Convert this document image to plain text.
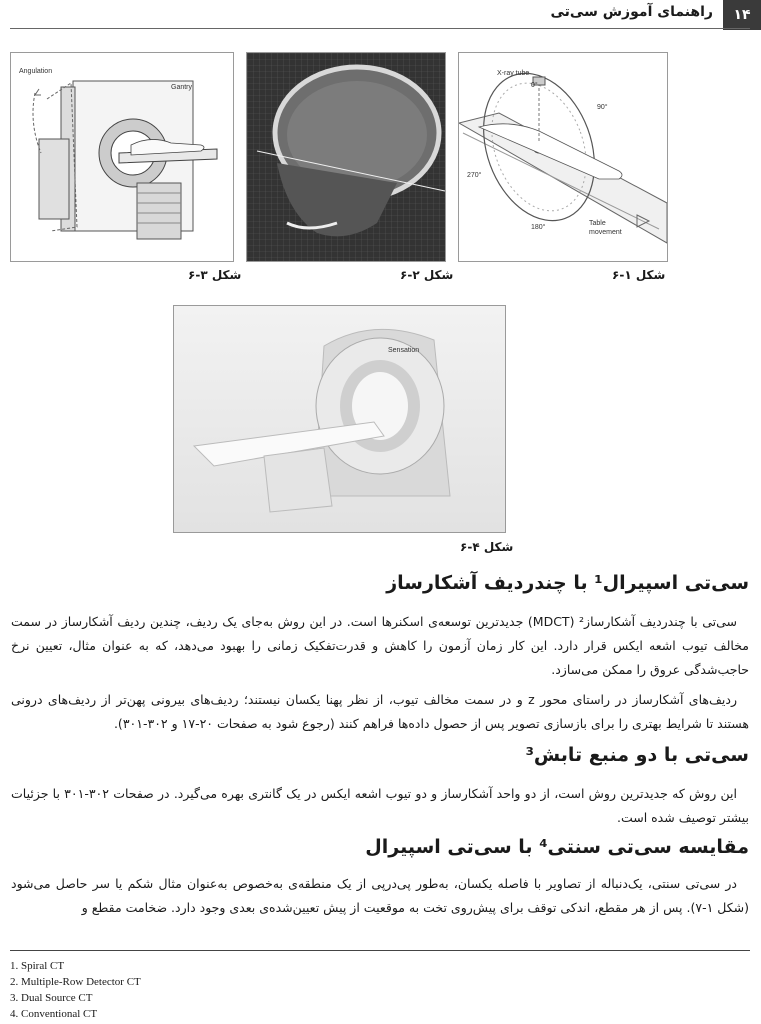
۱۴
راهنمای آموزش سی‌تی
Angulation
Gantry
شکل ۳-۶	شکل ۲-۶
X-ray tube
0°
90°
270°
180°
Table
movement
شکل ۱-۶
Sensation
شکل ۴-۶
سی‌تی اسپیرال¹ با چندردیف آشکارساز
سی‌تی با چندردیف آشکارساز² (MDCT) جدیدترین توسعه‌ی اسکنرها است. در این روش به‌جای یک ردیف، چندین ردیف آشکارساز در سمت مخالف تیوب اشعه ایکس قرار دارد. این کار زمان آزمون را کاهش و قدرت‌تفکیک زمانی را بهبود می‌دهد، که به عنوان مثال، تعیین نرخ حاجب‌شدگی عروق را ممکن می‌سازد.
ردیف‌های آشکارساز در راستای محور z و در سمت مخالف تیوب، از نظر پهنا یکسان نیستند؛ ردیف‌های بیرونی پهن‌تر از ردیف‌های درونی هستند تا شرایط بهتری را برای بازسازی تصویر پس از حصول داده‌ها فراهم کنند (رجوع شود به صفحات ۲۰-۱۷ و ۳۰۲-۳۰۱).
سی‌تی با دو منبع تابش³
این روش که جدیدترین روش است، از دو واحد آشکارساز و دو تیوب اشعه ایکس در یک گانتری بهره می‌گیرد. در صفحات ۳۰۲-۳۰۱ با جزئیات بیشتر توصیف شده است.
مقایسه سی‌تی سنتی⁴ با سی‌تی اسپیرال
در سی‌تی سنتی، یک‌دنباله از تصاویر با فاصله یکسان، به‌طور پی‌درپی از یک منطقه‌ی به‌خصوص به‌عنوان مثال شکم یا سر حاصل می‌شود (شکل ۱-۷). پس از هر مقطع، اندکی توقف برای پیش‌روی تخت به موقعیت از پیش تعیین‌شده‌ی بعدی وجود دارد. ضخامت مقطع و
1. Spiral CT
2. Multiple-Row Detector CT
3. Dual Source CT
4. Conventional CT
